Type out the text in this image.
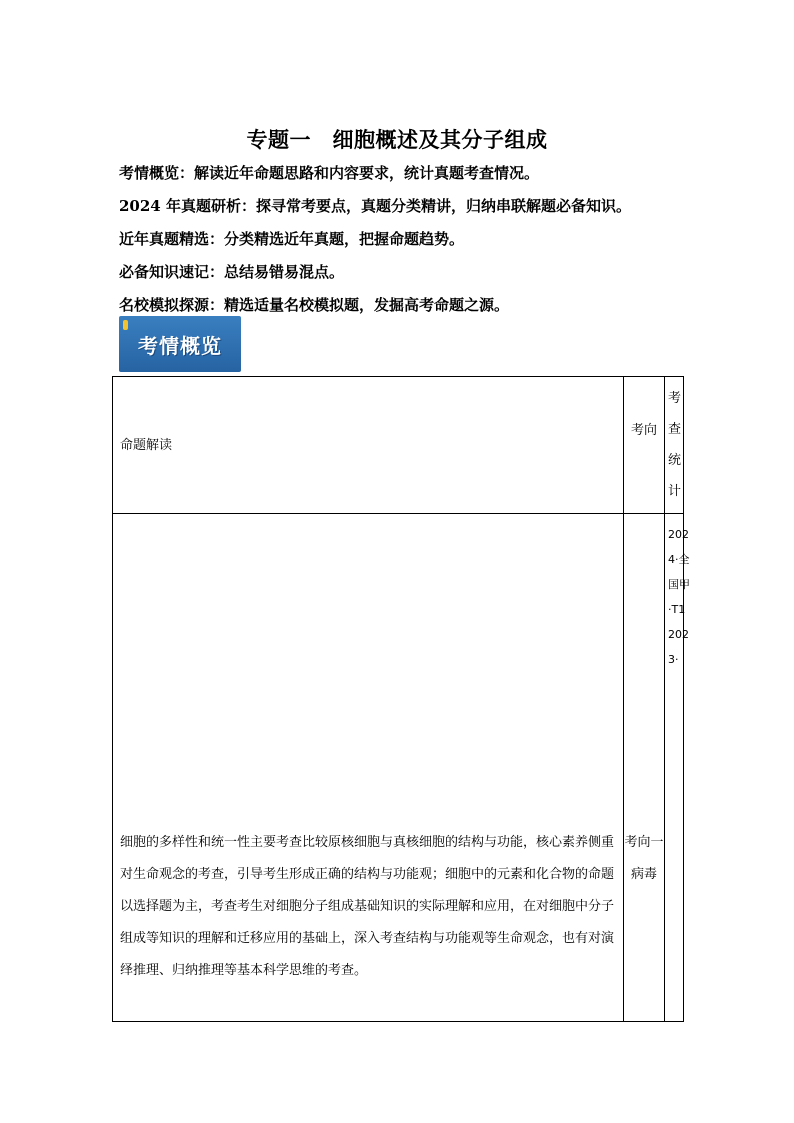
专题一　细胞概述及其分子组成
考情概览：解读近年命题思路和内容要求，统计真题考查情况。
2024 年真题研析：探寻常考要点，真题分类精讲，归纳串联解题必备知识。
近年真题精选：分类精选近年真题，把握命题趋势。
必备知识速记：总结易错易混点。
名校模拟探源：精选适量名校模拟题，发掘高考命题之源。
考情概览
命题解读
考向
考查统计
细胞的多样性和统一性主要考查比较原核细胞与真核细胞的结构与功能，核心素养侧重对生命观念的考查，引导考生形成正确的结构与功能观；细胞中的元素和化合物的命题以选择题为主，考查考生对细胞分子组成基础知识的实际理解和应用，在对细胞中分子组成等知识的理解和迁移应用的基础上，深入考查结构与功能观等生命观念，也有对演绎推理、归纳推理等基本科学思维的考查。
考向一病毒
2024·全国甲·T12023·
